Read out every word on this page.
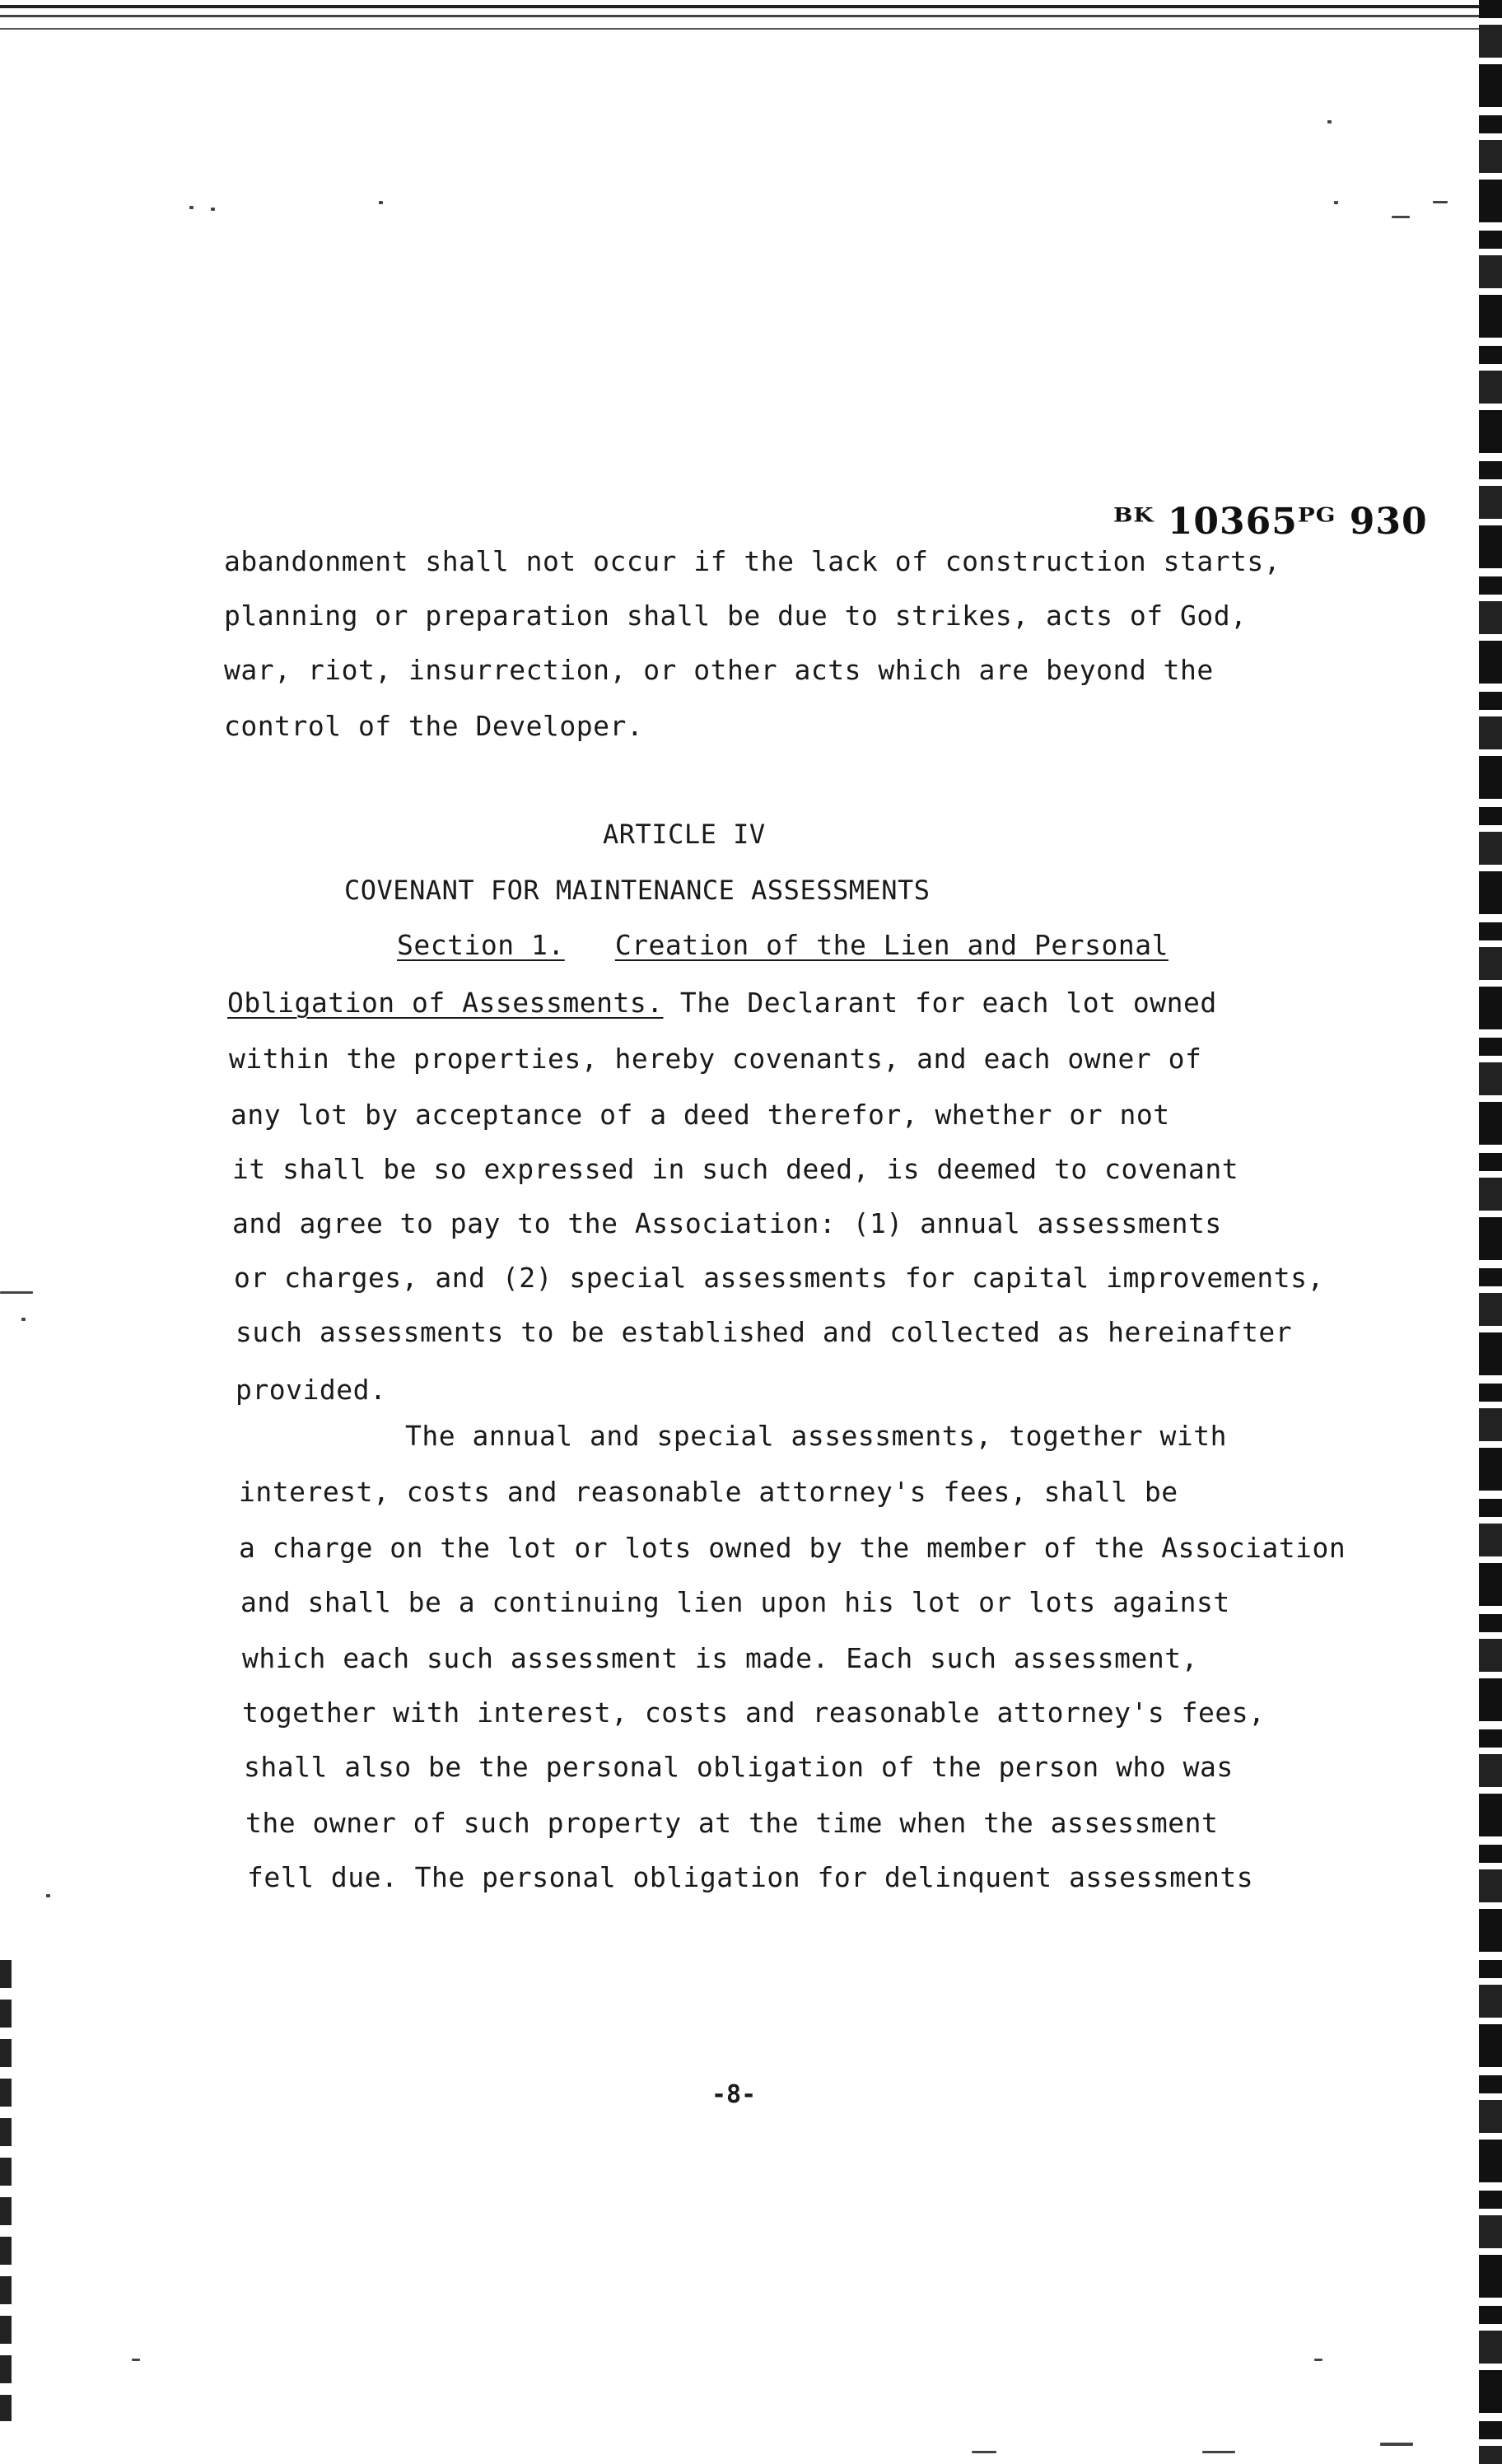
ᴮᴷ 10365ᴾᴳ 930
abandonment shall not occur if the lack of construction starts,
planning or preparation shall be due to strikes, acts of God,
war, riot, insurrection, or other acts which are beyond the
control of the Developer.
ARTICLE IV
COVENANT FOR MAINTENANCE ASSESSMENTS
Section 1. Creation of the Lien and Personal
Obligation of Assessments. The Declarant for each lot owned
within the properties, hereby covenants, and each owner of
any lot by acceptance of a deed therefor, whether or not
it shall be so expressed in such deed, is deemed to covenant
and agree to pay to the Association: (1) annual assessments
or charges, and (2) special assessments for capital improvements,
such assessments to be established and collected as hereinafter
provided.
The annual and special assessments, together with
interest, costs and reasonable attorney's fees, shall be
a charge on the lot or lots owned by the member of the Association
and shall be a continuing lien upon his lot or lots against
which each such assessment is made. Each such assessment,
together with interest, costs and reasonable attorney's fees,
shall also be the personal obligation of the person who was
the owner of such property at the time when the assessment
fell due. The personal obligation for delinquent assessments
-8-
